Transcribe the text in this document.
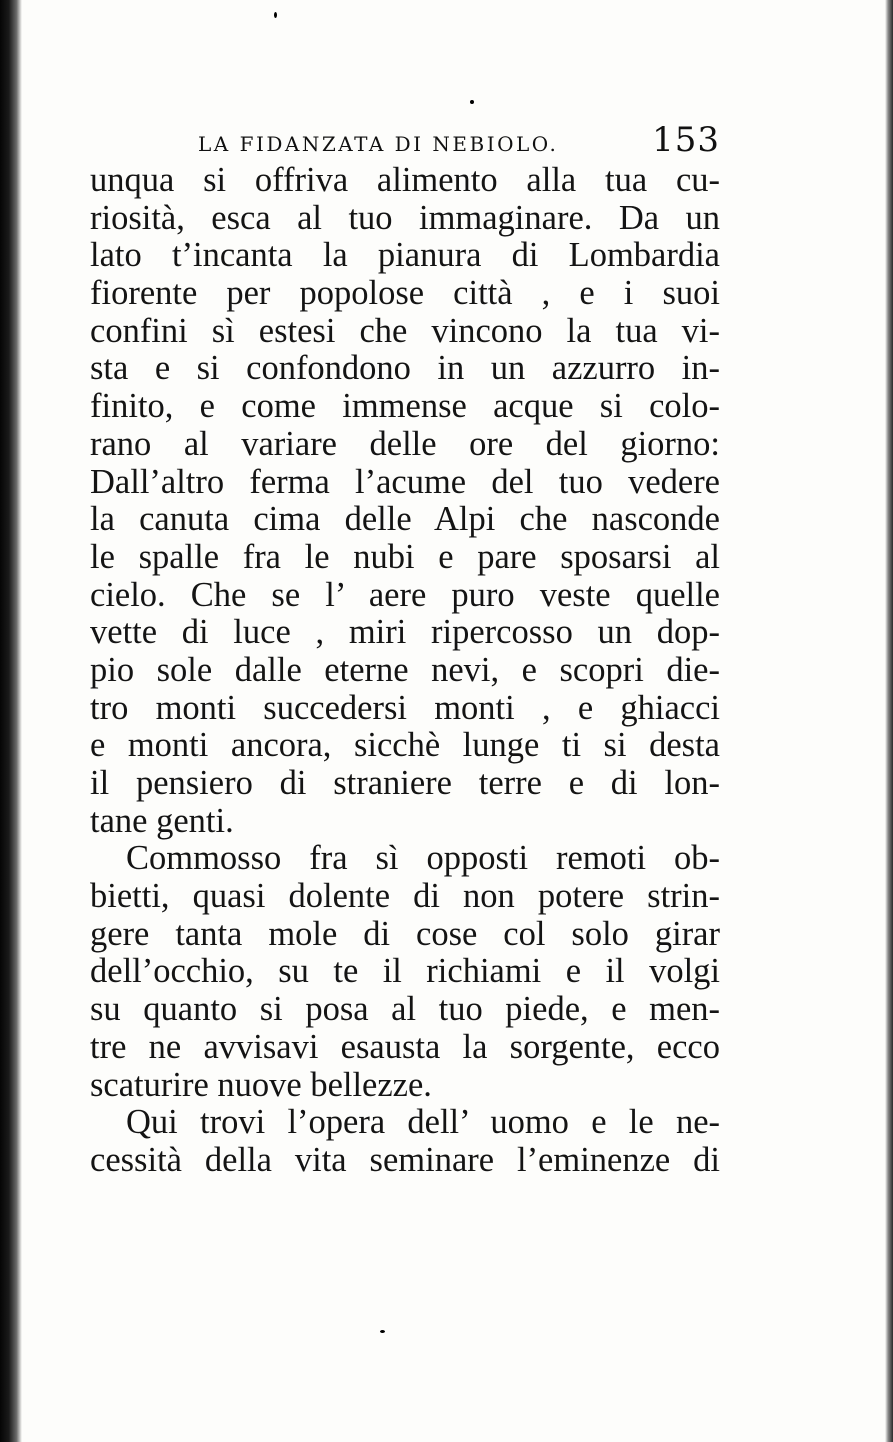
LA FIDANZATA DI NEBIOLO.	153
unqua si offriva alimento alla tua cu-
riosità, esca al tuo immaginare. Da un
lato t’incanta la pianura di Lombardia
fiorente per popolose città , e i suoi
confini sì estesi che vincono la tua vi-
sta e si confondono in un azzurro in-
finito, e come immense acque si colo-
rano al variare delle ore del giorno:
Dall’altro ferma l’acume del tuo vedere
la canuta cima delle Alpi che nasconde
le spalle fra le nubi e pare sposarsi al
cielo. Che se l’ aere puro veste quelle
vette di luce , miri ripercosso un dop-
pio sole dalle eterne nevi, e scopri die-
tro monti succedersi monti , e ghiacci
e monti ancora, sicchè lunge ti si desta
il pensiero di straniere terre e di lon-
tane genti.
Commosso fra sì opposti remoti ob-
bietti, quasi dolente di non potere strin-
gere tanta mole di cose col solo girar
dell’occhio, su te il richiami e il volgi
su quanto si posa al tuo piede, e men-
tre ne avvisavi esausta la sorgente, ecco
scaturire nuove bellezze.
Qui trovi l’opera dell’ uomo e le ne-
cessità della vita seminare l’eminenze di
